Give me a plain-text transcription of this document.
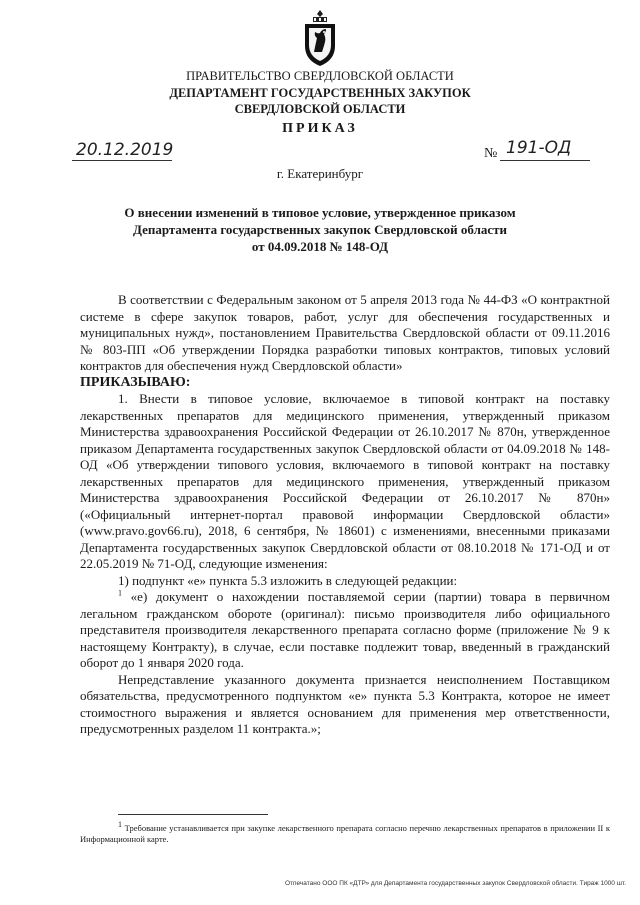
ПРАВИТЕЛЬСТВО СВЕРДЛОВСКОЙ ОБЛАСТИ
ДЕПАРТАМЕНТ ГОСУДАРСТВЕННЫХ ЗАКУПОК
СВЕРДЛОВСКОЙ ОБЛАСТИ
ПРИКАЗ
20.12.2019	№ 191-ОД
г. Екатеринбург
О внесении изменений в типовое условие, утвержденное приказом
Департамента государственных закупок Свердловской области
от 04.09.2018 № 148-ОД

В соответствии с Федеральным законом от 5 апреля 2013 года № 44-ФЗ «О контрактной системе в сфере закупок товаров, работ, услуг для обеспечения государственных и муниципальных нужд», постановлением Правительства Свердловской области от 09.11.2016 № 803-ПП «Об утверждении Порядка разработки типовых контрактов, типовых условий контрактов для обеспечения нужд Свердловской области»

ПРИКАЗЫВАЮ:

1. Внести в типовое условие, включаемое в типовой контракт на поставку лекарственных препаратов для медицинского применения, утвержденный приказом Министерства здравоохранения Российской Федерации от 26.10.2017 № 870н, утвержденное приказом Департамента государственных закупок Свердловской области от 04.09.2018 № 148-ОД «Об утверждении типового условия, включаемого в типовой контракт на поставку лекарственных препаратов для медицинского применения, утвержденный приказом Министерства здравоохранения Российской Федерации от 26.10.2017 № 870н» («Официальный интернет-портал правовой информации Свердловской области» (www.pravo.gov66.ru), 2018, 6 сентября, № 18601) с изменениями, внесенными приказами Департамента государственных закупок Свердловской области от 08.10.2018 № 171-ОД и от 22.05.2019 № 71-ОД, следующие изменения:

1) подпункт «е» пункта 5.3 изложить в следующей редакции:

$^1$ «е) документ о нахождении поставляемой серии (партии) товара в первичном легальном гражданском обороте (оригинал): письмо производителя либо официального представителя производителя лекарственного препарата согласно форме (приложение № 9 к настоящему Контракту), в случае, если поставке подлежит товар, введенный в гражданский оборот до 1 января 2020 года.

Непредставление указанного документа признается неисполнением Поставщиком обязательства, предусмотренного подпунктом «е» пункта 5.3 Контракта, которое не имеет стоимостного выражения и является основанием для применения мер ответственности, предусмотренных разделом 11 контракта.»;

$^1$ Требование устанавливается при закупке лекарственного препарата согласно перечню лекарственных препаратов в приложении II к Информационной карте.

Отпечатано ООО ПК «ДТР» для Департамента государственных закупок Свердловской области. Тираж 1000 шт.
